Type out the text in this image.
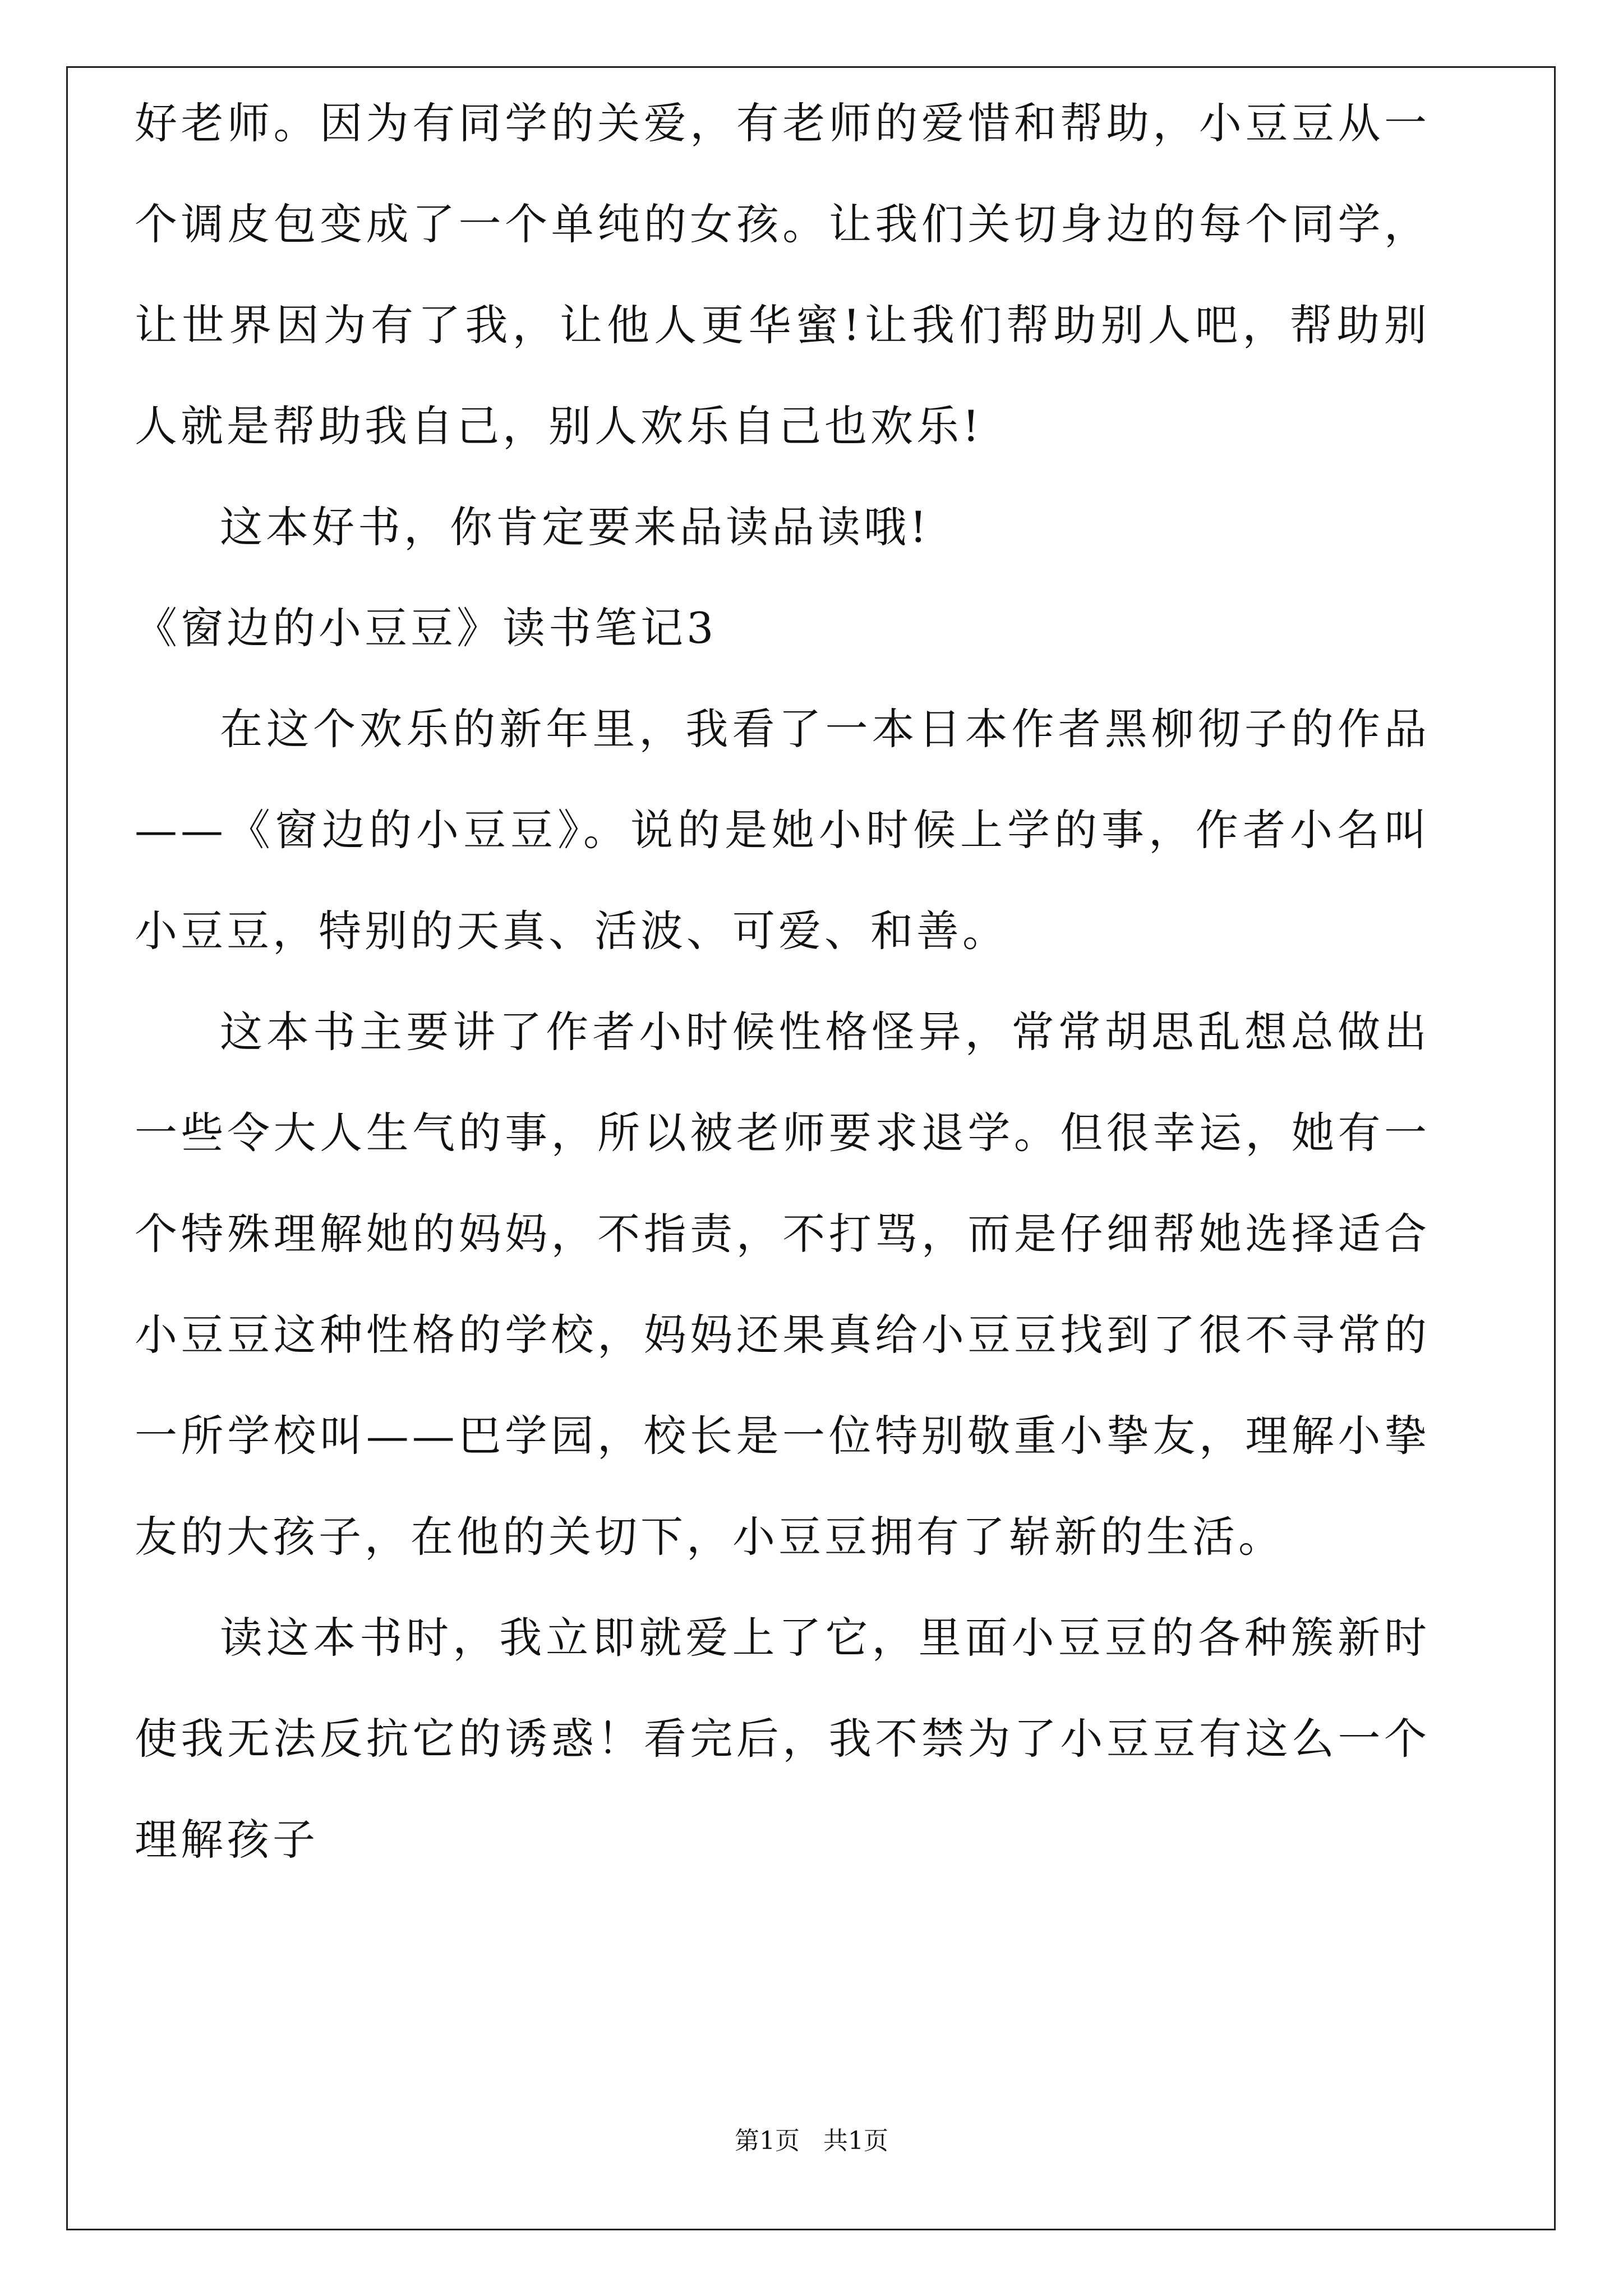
好老师。因为有同学的关爱，有老师的爱惜和帮助，小豆豆从一个调皮包变成了一个单纯的女孩。让我们关切身边的每个同学，让世界因为有了我，让他人更华蜜!让我们帮助别人吧，帮助别人就是帮助我自己，别人欢乐自己也欢乐!

这本好书，你肯定要来品读品读哦!

《窗边的小豆豆》读书笔记3

在这个欢乐的新年里，我看了一本日本作者黑柳彻子的作品——《窗边的小豆豆》。说的是她小时候上学的事，作者小名叫小豆豆，特别的天真、活波、可爱、和善。

这本书主要讲了作者小时候性格怪异，常常胡思乱想总做出一些令大人生气的事，所以被老师要求退学。但很幸运，她有一个特殊理解她的妈妈，不指责，不打骂，而是仔细帮她选择适合小豆豆这种性格的学校，妈妈还果真给小豆豆找到了很不寻常的一所学校叫——巴学园，校长是一位特别敬重小挚友，理解小挚友的大孩子，在他的关切下，小豆豆拥有了崭新的生活。

读这本书时，我立即就爱上了它，里面小豆豆的各种簇新时使我无法反抗它的诱惑！看完后，我不禁为了小豆豆有这么一个理解孩子

第1页 共1页
